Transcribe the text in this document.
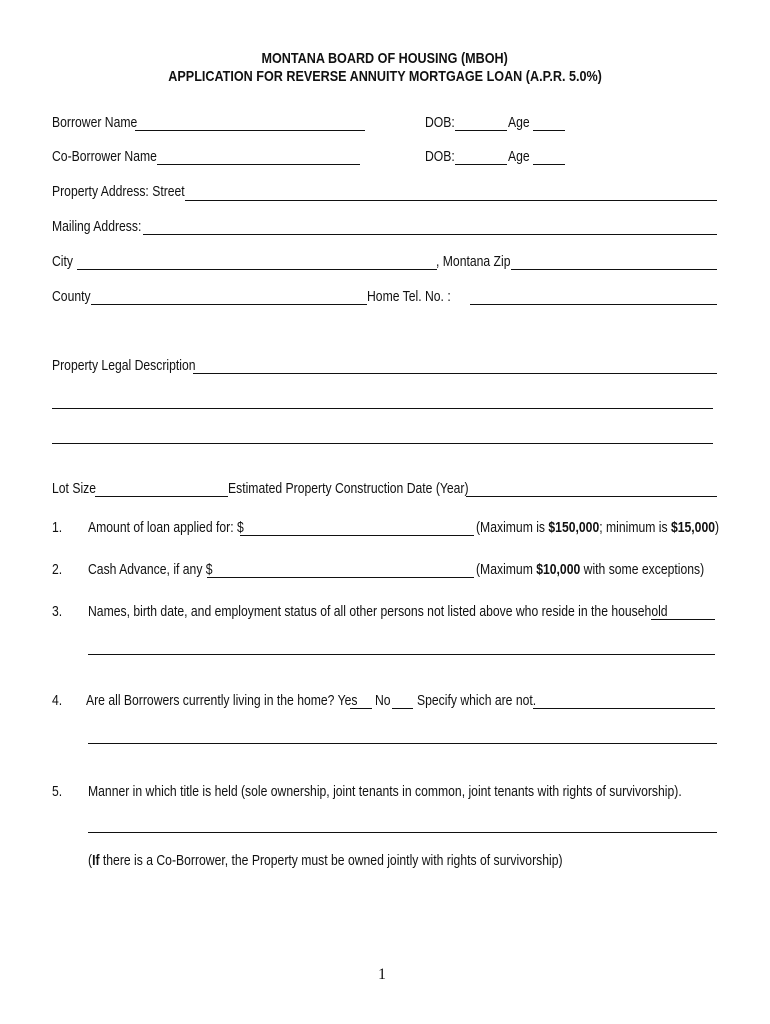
MONTANA BOARD OF HOUSING (MBOH)
APPLICATION FOR REVERSE ANNUITY MORTGAGE LOAN (A.P.R. 5.0%)
Borrower Name	DOB:	Age
Co-Borrower Name	DOB:	Age
Property Address: Street
Mailing Address:
City	, Montana Zip
County	Home Tel. No. :
Property Legal Description
Lot Size	Estimated Property Construction Date (Year)
1. Amount of loan applied for: $	(Maximum is $150,000; minimum is $15,000)
2. Cash Advance, if any $	(Maximum $10,000 with some exceptions)
3. Names, birth date, and employment status of all other persons not listed above who reside in the household
4. Are all Borrowers currently living in the home? Yes No Specify which are not.
5. Manner in which title is held (sole ownership, joint tenants in common, joint tenants with rights of survivorship).
(If there is a Co-Borrower, the Property must be owned jointly with rights of survivorship)
1
